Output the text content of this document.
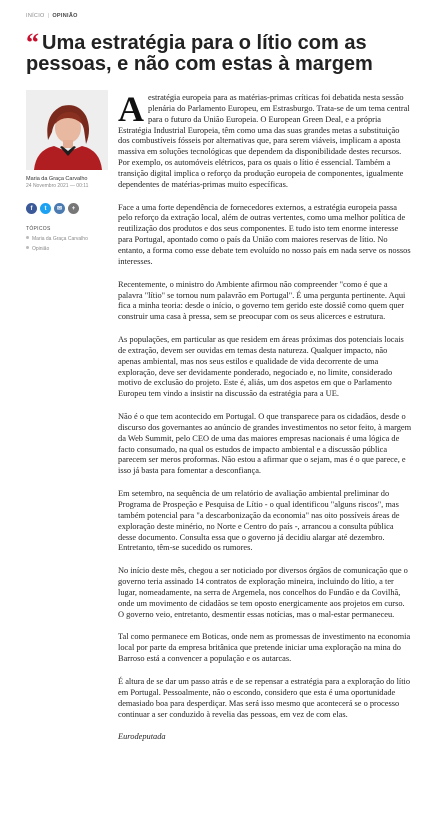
INÍCIO | OPINIÃO
“ Uma estratégia para o lítio com as pessoas, e não com estas à margem
Maria da Graça Carvalho
24 Novembro 2021 — 00:11
f	t	✉	+
TÓPICOS
Maria da Graça Carvalho
Opinião

Aestratégia europeia para as matérias-primas críticas foi debatida nesta sessão plenária do Parlamento Europeu, em Estrasburgo. Trata-se de um tema central para o futuro da União Europeia. O European Green Deal, e a própria Estratégia Industrial Europeia, têm como uma das suas grandes metas a substituição dos combustíveis fósseis por alternativas que, para serem viáveis, implicam a aposta massiva em soluções tecnológicas que dependem da disponibilidade destes recursos. Por exemplo, os automóveis elétricos, para os quais o lítio é essencial. Também a transição digital implica o reforço da produção europeia de componentes, igualmente dependentes de matérias-primas muito específicas.

Face a uma forte dependência de fornecedores externos, a estratégia europeia passa pelo reforço da extração local, além de outras vertentes, como uma melhor política de reutilização dos produtos e dos seus componentes. E tudo isto tem enorme interesse para Portugal, apontado como o país da União com maiores reservas de lítio. No entanto, a forma como esse debate tem evoluído no nosso país em nada serve os nossos interesses.

Recentemente, o ministro do Ambiente afirmou não compreender "como é que a palavra "lítio" se tornou num palavrão em Portugal". É uma pergunta pertinente. Aqui fica a minha teoria: desde o início, o governo tem gerido este dossiê como quem quer construir uma casa à pressa, sem se preocupar com os seus alicerces e estrutura.

As populações, em particular as que residem em áreas próximas dos potenciais locais de extração, devem ser ouvidas em temas desta natureza. Qualquer impacto, não apenas ambiental, mas nos seus estilos e qualidade de vida decorrente de uma exploração, deve ser devidamente ponderado, negociado e, no limite, considerado motivo de exclusão do projeto. Este é, aliás, um dos aspetos em que o Parlamento Europeu tem vindo a insistir na discussão da estratégia para a UE.

Não é o que tem acontecido em Portugal. O que transparece para os cidadãos, desde o discurso dos governantes ao anúncio de grandes investimentos no setor feito, à margem da Web Summit, pelo CEO de uma das maiores empresas nacionais é uma lógica de facto consumado, na qual os estudos de impacto ambiental e a discussão pública parecem ser meros proformas. Não estou a afirmar que o sejam, mas é o que parece, e isso já basta para fomentar a desconfiança.

Em setembro, na sequência de um relatório de avaliação ambiental preliminar do Programa de Prospeção e Pesquisa de Lítio - o qual identificou "alguns riscos", mas também potencial para "a descarbonização da economia" nas oito possíveis áreas de exploração deste minério, no Norte e Centro do país -, arrancou a consulta pública desse documento. Consulta essa que o governo já decidiu alargar até dezembro. Entretanto, têm-se sucedido os rumores.

No início deste mês, chegou a ser noticiado por diversos órgãos de comunicação que o governo teria assinado 14 contratos de exploração mineira, incluindo do lítio, a ter lugar, nomeadamente, na serra de Argemela, nos concelhos do Fundão e da Covilhã, onde um movimento de cidadãos se tem oposto energicamente aos projetos em curso. O governo veio, entretanto, desmentir essas notícias, mas o mal-estar permaneceu.

Tal como permanece em Boticas, onde nem as promessas de investimento na economia local por parte da empresa britânica que pretende iniciar uma exploração na mina do Barroso está a convencer a população e os autarcas.

É altura de se dar um passo atrás e de se repensar a estratégia para a exploração do lítio em Portugal. Pessoalmente, não o escondo, considero que esta é uma oportunidade demasiado boa para desperdiçar. Mas será isso mesmo que acontecerá se o processo continuar a ser conduzido à revelia das pessoas, em vez de com elas.

Eurodeputada
